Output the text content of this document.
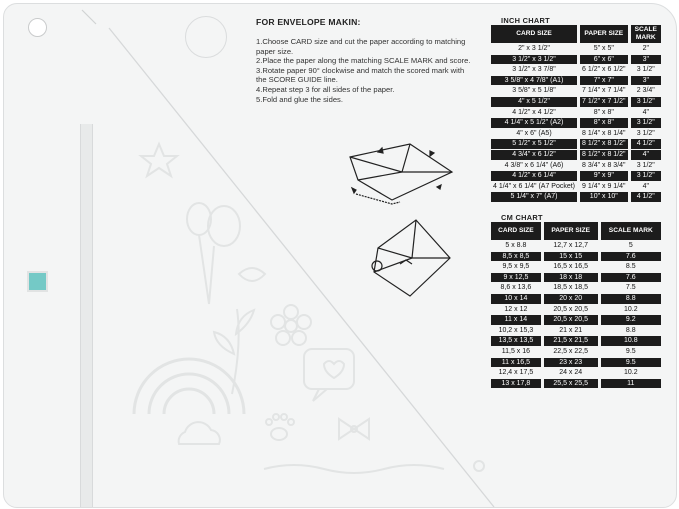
FOR ENVELOPE MAKIN:
1.Choose CARD size and cut the paper according to matching paper size.
2.Place the paper along the matching SCALE MARK and score.
3.Rotate paper 90° clockwise and match the scored mark with the SCORE GUIDE line.
4.Repeat step 3 for all sides of the paper.
5.Fold and glue the sides.
INCH CHART
CARD SIZE	PAPER SIZE	SCALE MARK
2" x 3 1/2"	5" x 5"	2"
3 1/2" x 3 1/2"	6" x 6"	3"
3 1/2" x 3 7/8"	6 1/2" x 6 1/2"	3 1/2"
3 5/8" x 4 7/8" (A1)	7" x 7"	3"
3 5/8" x 5 1/8"	7 1/4" x 7 1/4"	2 3/4"
4" x 5 1/2"	7 1/2" x 7 1/2"	3 1/2"
4 1/2" x 4 1/2"	8" x 8"	4"
4 1/4" x 5 1/2" (A2)	8" x 8"	3 1/2"
4" x 6" (A5)	8 1/4" x 8 1/4"	3 1/2"
5 1/2" x 5 1/2"	8 1/2" x 8 1/2"	4 1/2"
4 3/4" x 6 1/2"	8 1/2" x 8 1/2"	4"
4 3/8" x 6 1/4" (A6)	8 3/4" x 8 3/4"	3 1/2"
4 1/2" x 6 1/4"	9" x 9"	3 1/2"
4 1/4" x 6 1/4" (A7 Pocket)	9 1/4" x 9 1/4"	4"
5 1/4" x 7" (A7)	10" x 10"	4 1/2"
CM CHART
CARD SIZE	PAPER SIZE	SCALE MARK
5 x 8.8	12,7 x 12,7	5
8,5 x 8,5	15 x 15	7.6
9,5 x 9,5	16,5 x 16,5	8.5
9 x 12,5	18 x 18	7.6
8,6 x 13,6	18,5 x 18,5	7.5
10 x 14	20 x 20	8.8
12 x 12	20,5 x 20,5	10.2
11 x 14	20,5 x 20,5	9.2
10,2 x 15,3	21 x 21	8.8
13,5 x 13,5	21,5 x 21,5	10.8
11,5 x 16	22,5 x 22,5	9.5
11 x 16,5	23 x 23	9.5
12,4 x 17,5	24 x 24	10.2
13 x 17,8	25,5 x 25,5	11
